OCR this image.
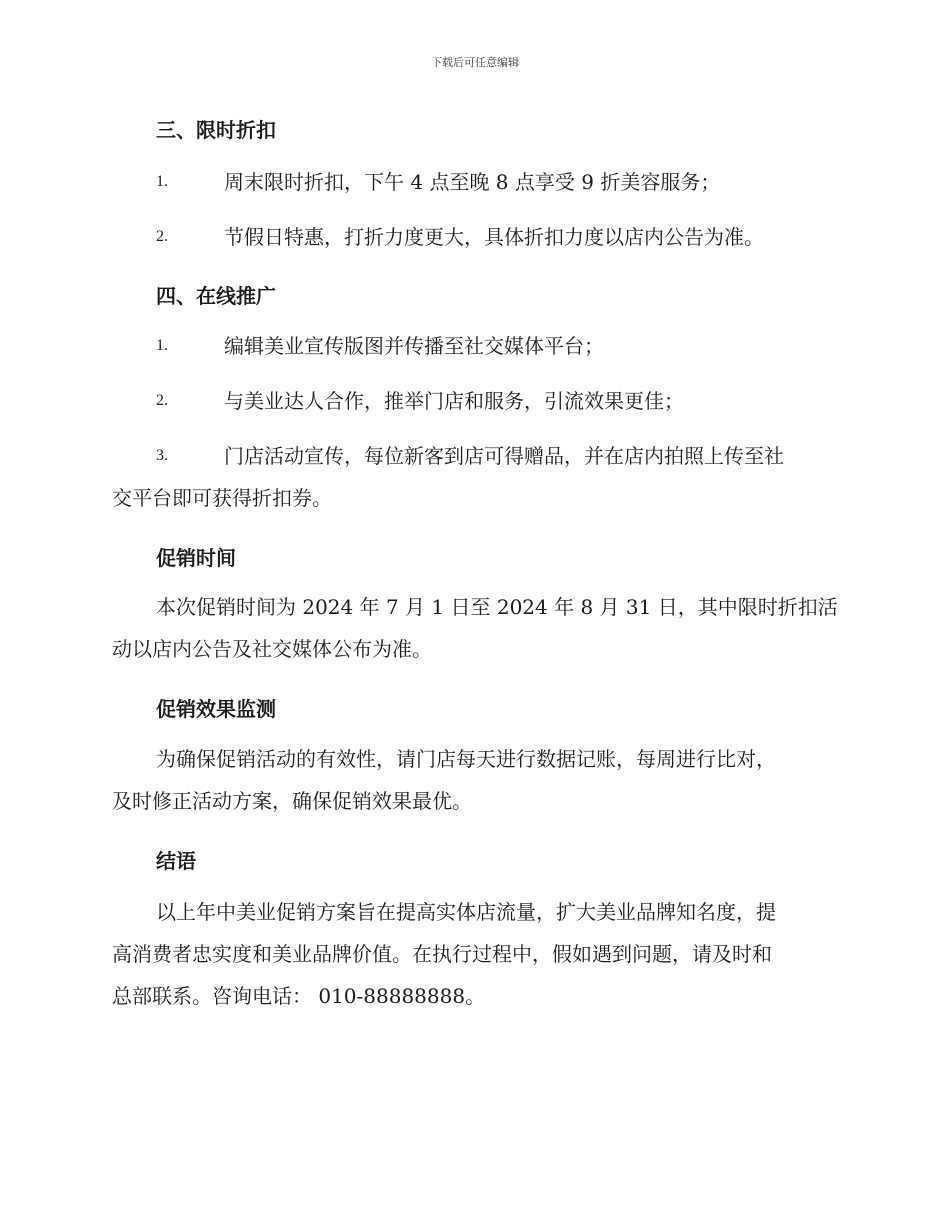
下载后可任意编辑
三、限时折扣
1.	周末限时折扣，下午 4 点至晚 8 点享受 9 折美容服务；
2.	节假日特惠，打折力度更大，具体折扣力度以店内公告为准。
四、在线推广
1.	编辑美业宣传版图并传播至社交媒体平台；
2.	与美业达人合作，推举门店和服务，引流效果更佳；
3.	门店活动宣传，每位新客到店可得赠品，并在店内拍照上传至社
交平台即可获得折扣券。
促销时间
本次促销时间为 2024 年 7 月 1 日至 2024 年 8 月 31 日，其中限时折扣活
动以店内公告及社交媒体公布为准。
促销效果监测
为确保促销活动的有效性，请门店每天进行数据记账，每周进行比对，
及时修正活动方案，确保促销效果最优。
结语
以上年中美业促销方案旨在提高实体店流量，扩大美业品牌知名度，提
高消费者忠实度和美业品牌价值。在执行过程中，假如遇到问题，请及时和
总部联系。咨询电话： 010-88888888。
